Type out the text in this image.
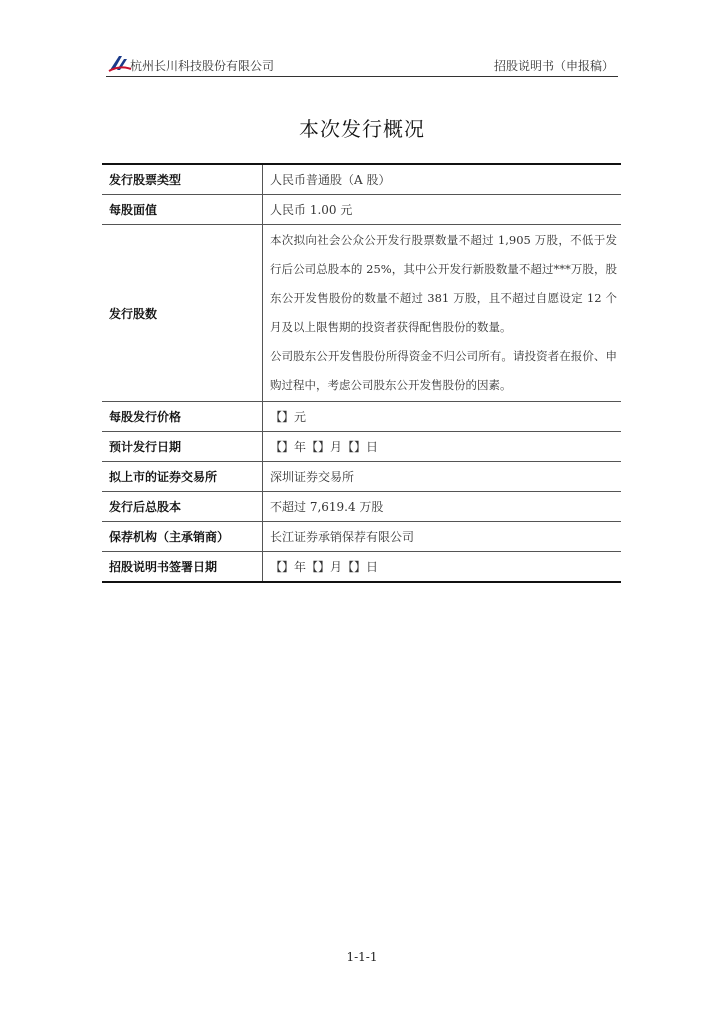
杭州长川科技股份有限公司	招股说明书（申报稿）
本次发行概况
发行股票类型	人民币普通股（A 股）
每股面值	人民币 1.00 元
发行股数	本次拟向社会公众公开发行股票数量不超过 1,905 万股，不低于发行后公司总股本的 25%，其中公开发行新股数量不超过***万股，股东公开发售股份的数量不超过 381 万股，且不超过自愿设定 12 个月及以上限售期的投资者获得配售股份的数量。
公司股东公开发售股份所得资金不归公司所有。请投资者在报价、申购过程中，考虑公司股东公开发售股份的因素。

每股发行价格	【】元
预计发行日期	【】年【】月【】日
拟上市的证券交易所	深圳证券交易所
发行后总股本	不超过 7,619.4 万股
保荐机构（主承销商）	长江证券承销保荐有限公司
招股说明书签署日期	【】年【】月【】日
1-1-1
